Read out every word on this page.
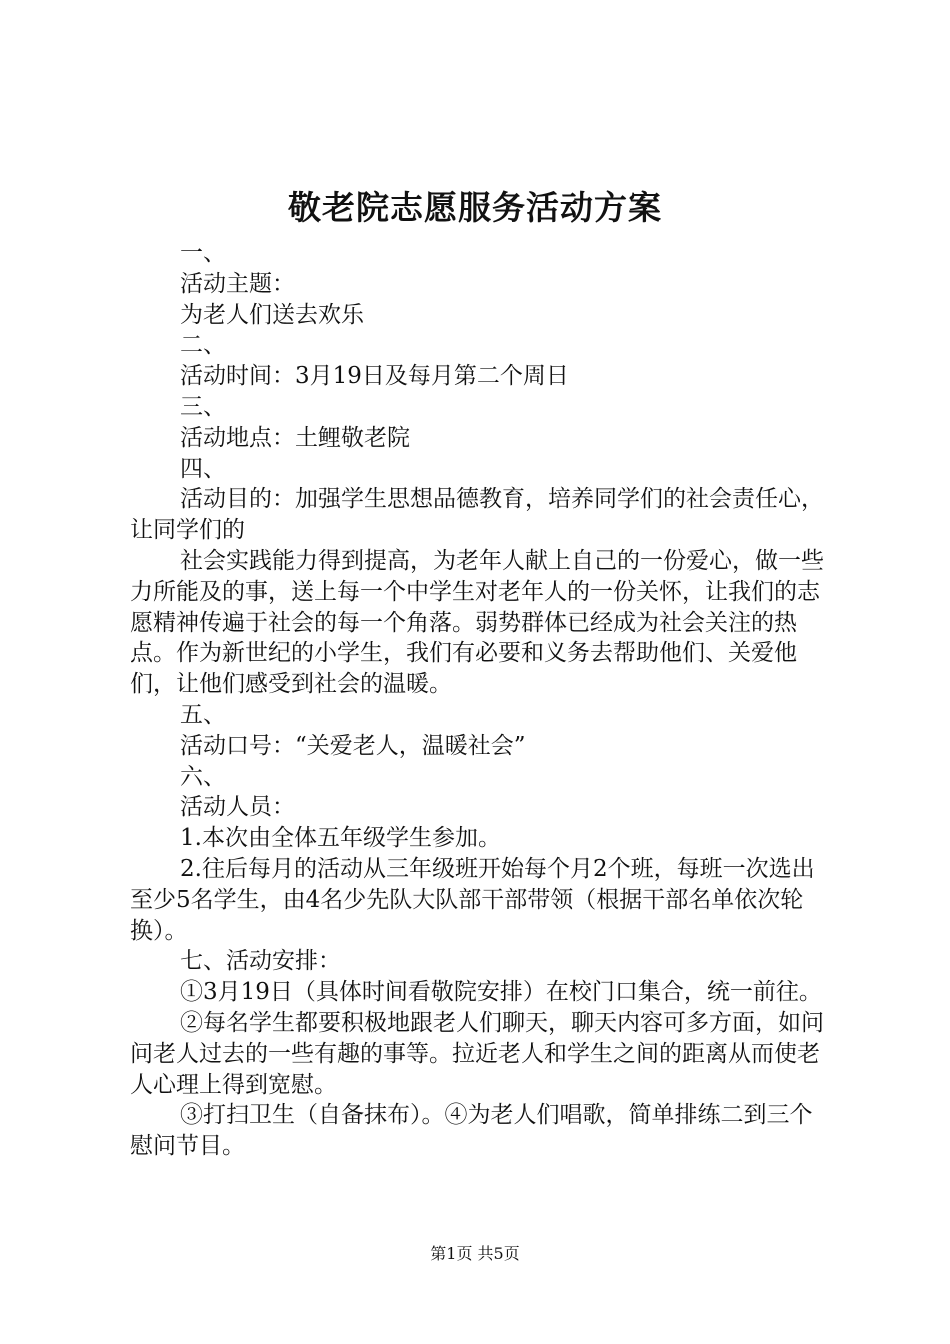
敬老院志愿服务活动方案

一、

活动主题：

为老人们送去欢乐

二、

活动时间：3月19日及每月第二个周日

三、

活动地点：土鲤敬老院

四、

活动目的：加强学生思想品德教育，培养同学们的社会责任心，让同学们的

社会实践能力得到提高，为老年人献上自己的一份爱心，做一些力所能及的事，送上每一个中学生对老年人的一份关怀，让我们的志愿精神传遍于社会的每一个角落。弱势群体已经成为社会关注的热点。作为新世纪的小学生，我们有必要和义务去帮助他们、关爱他们，让他们感受到社会的温暖。

五、

活动口号：“关爱老人，温暖社会”

六、

活动人员：

1.本次由全体五年级学生参加。

2.往后每月的活动从三年级班开始每个月2个班，每班一次选出至少5名学生，由4名少先队大队部干部带领（根据干部名单依次轮换）。

七、活动安排：

①3月19日（具体时间看敬院安排）在校门口集合，统一前往。

②每名学生都要积极地跟老人们聊天，聊天内容可多方面，如问问老人过去的一些有趣的事等。拉近老人和学生之间的距离从而使老人心理上得到宽慰。

③打扫卫生（自备抹布）。④为老人们唱歌，简单排练二到三个慰问节目。

第1页 共5页
